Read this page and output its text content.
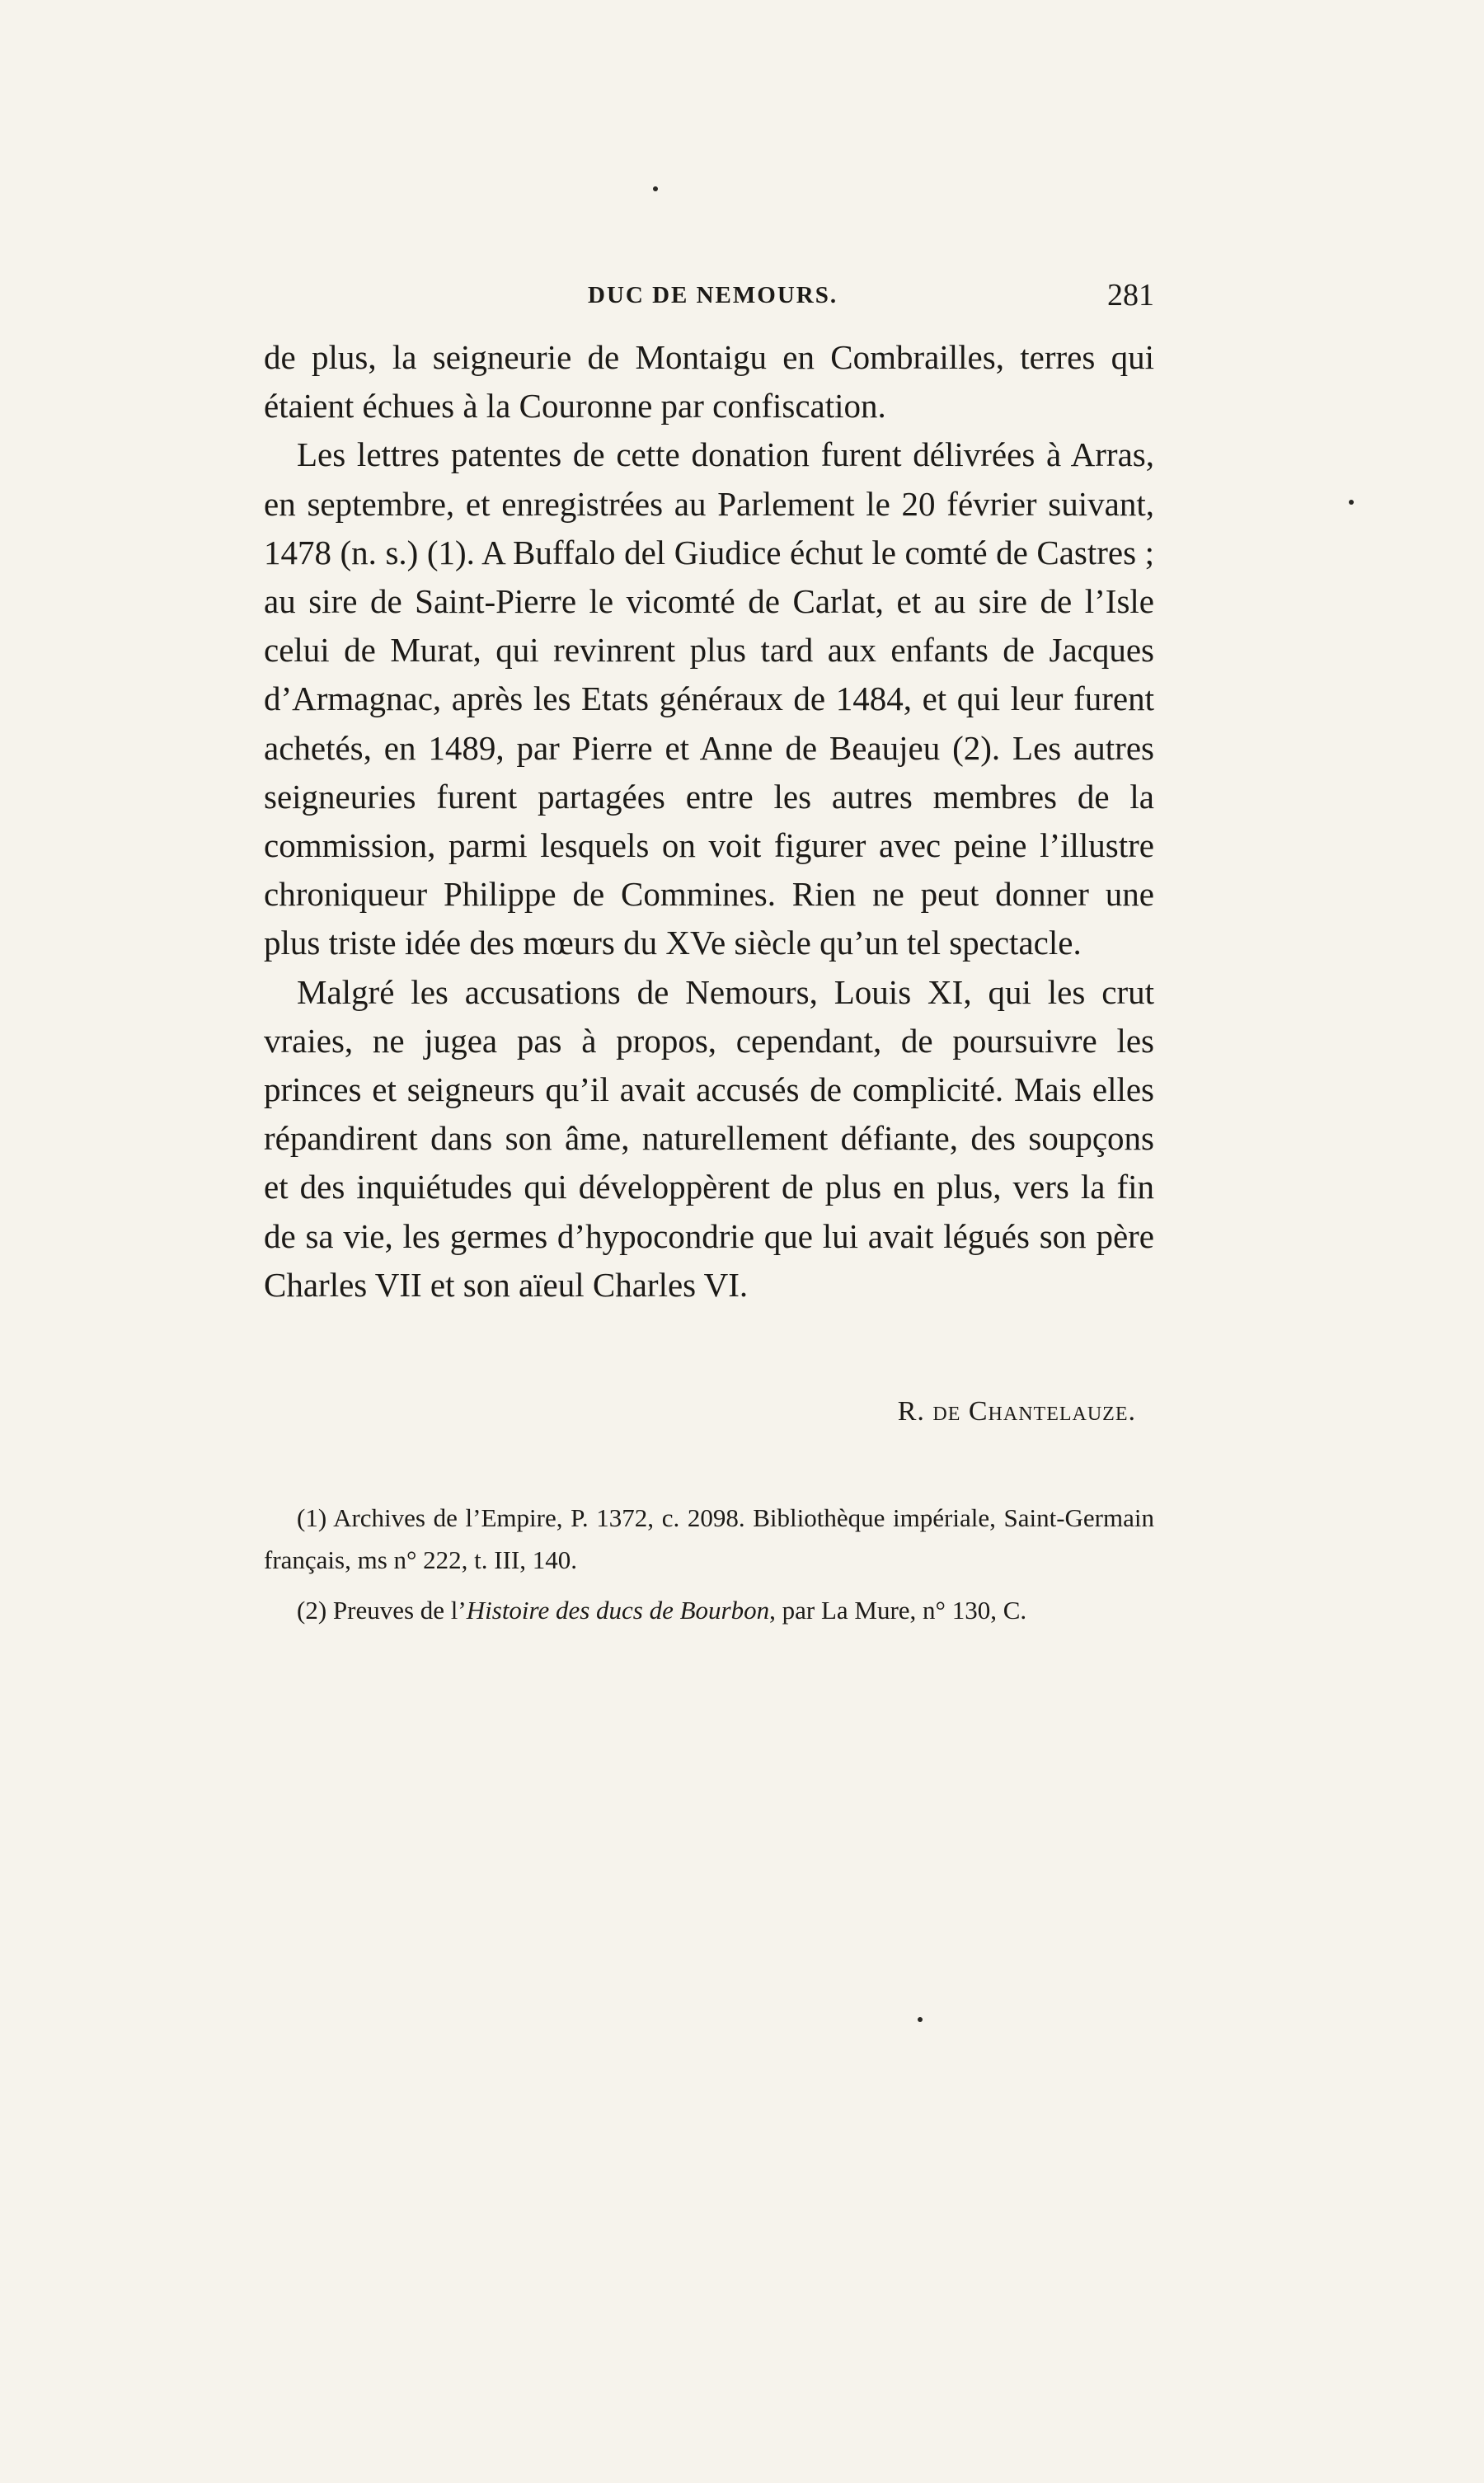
DUC DE NEMOURS.	281

de plus, la seigneurie de Montaigu en Combrailles, terres qui étaient échues à la Couronne par confiscation.

Les lettres patentes de cette donation furent délivrées à Arras, en septembre, et enregistrées au Parlement le 20 février suivant, 1478 (n. s.) (1). A Buffalo del Giudice échut le comté de Castres ; au sire de Saint-Pierre le vicomté de Carlat, et au sire de l’Isle celui de Murat, qui revinrent plus tard aux enfants de Jacques d’Armagnac, après les Etats généraux de 1484, et qui leur furent achetés, en 1489, par Pierre et Anne de Beaujeu (2). Les autres seigneuries furent partagées entre les autres membres de la commission, parmi lesquels on voit figurer avec peine l’illustre chroniqueur Philippe de Commines. Rien ne peut donner une plus triste idée des mœurs du XVe siècle qu’un tel spectacle.

Malgré les accusations de Nemours, Louis XI, qui les crut vraies, ne jugea pas à propos, cependant, de poursuivre les princes et seigneurs qu’il avait accusés de complicité. Mais elles répandirent dans son âme, naturellement défiante, des soupçons et des inquiétudes qui développèrent de plus en plus, vers la fin de sa vie, les germes d’hypocondrie que lui avait légués son père Charles VII et son aïeul Charles VI.

R. de Chantelauze.

(1) Archives de l’Empire, P. 1372, c. 2098. Bibliothèque impériale, Saint-Germain français, ms n° 222, t. III, 140.

(2) Preuves de l’Histoire des ducs de Bourbon, par La Mure, n° 130, C.
